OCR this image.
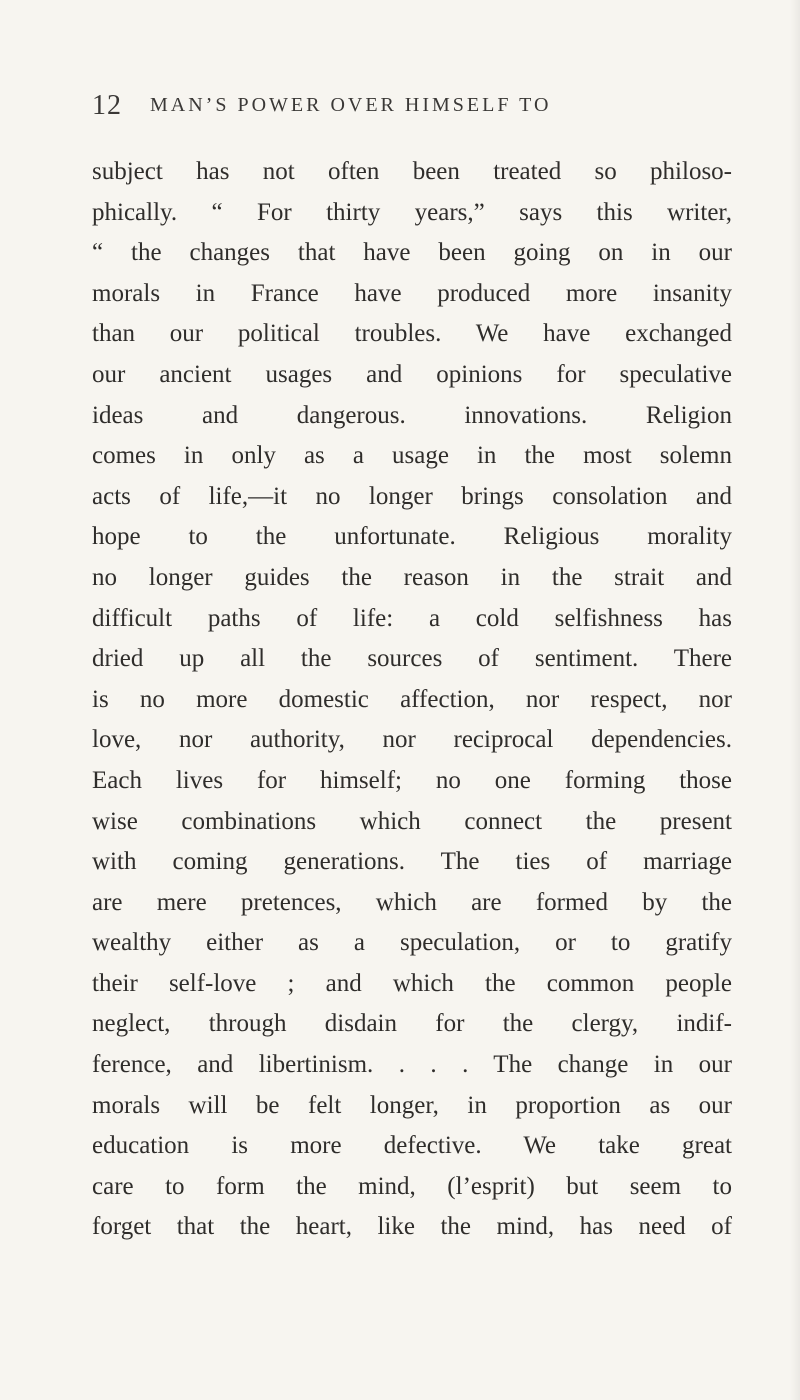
12 MAN’S POWER OVER HIMSELF TO
subject has not often been treated so philoso-
phically. “ For thirty years,” says this writer,
“ the changes that have been going on in our
morals in France have produced more insanity
than our political troubles. We have exchanged
our ancient usages and opinions for speculative
ideas and dangerous. innovations. Religion
comes in only as a usage in the most solemn
acts of life,—it no longer brings consolation and
hope to the unfortunate. Religious morality
no longer guides the reason in the strait and
difficult paths of life: a cold selfishness has
dried up all the sources of sentiment. There
is no more domestic affection, nor respect, nor
love, nor authority, nor reciprocal dependencies.
Each lives for himself; no one forming those
wise combinations which connect the present
with coming generations. The ties of marriage
are mere pretences, which are formed by the
wealthy either as a speculation, or to gratify
their self-love ; and which the common people
neglect, through disdain for the clergy, indif-
ference, and libertinism. . . . The change in our
morals will be felt longer, in proportion as our
education is more defective. We take great
care to form the mind, (l’esprit) but seem to
forget that the heart, like the mind, has need of
